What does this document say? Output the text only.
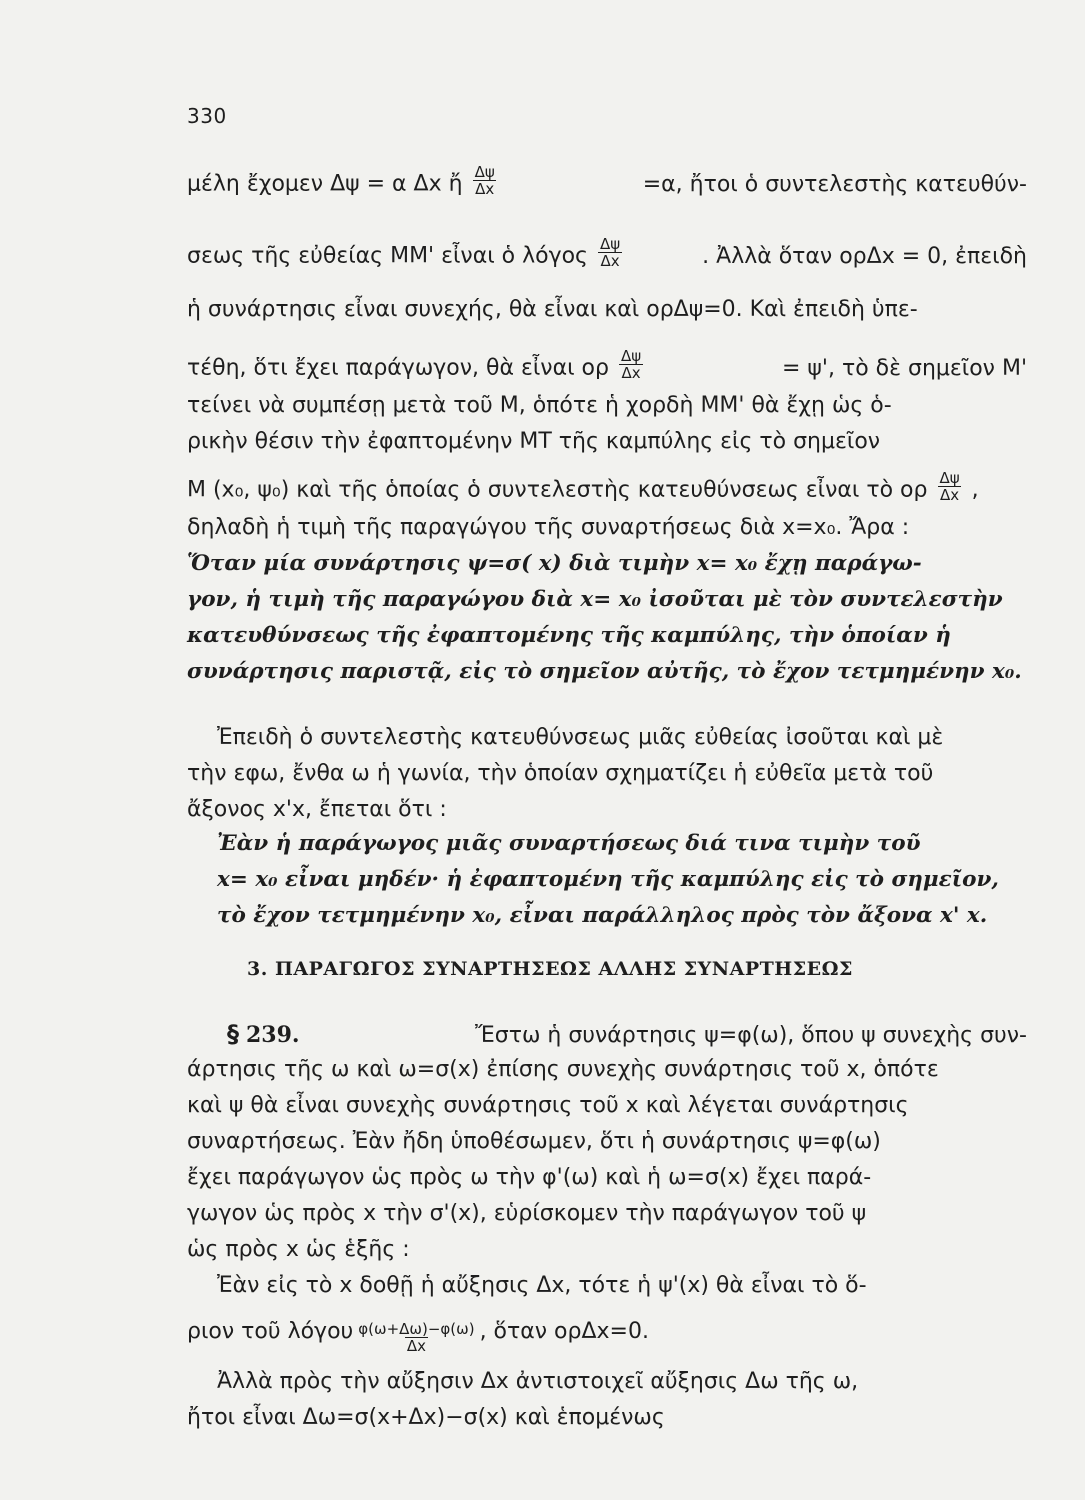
330
μέλη ἔχομεν Δψ = α Δx ἤ $\frac{\Delta\psi}{\Delta x}$	=α, ἤτοι ὁ συντελεστὴς κατευθύν-
σεως τῆς εὐθείας ΜΜ' εἶναι ὁ λόγος $\frac{\Delta\psi}{\Delta x}$	. Ἀλλὰ ὅταν ορΔx = 0, ἐπειδὴ
ἡ συνάρτησις εἶναι συνεχής, θὰ εἶναι καὶ ορΔψ=0. Καὶ ἐπειδὴ ὑπε-
τέθη, ὅτι ἔχει παράγωγον, θὰ εἶναι ορ $\frac{\Delta\psi}{\Delta x}$	= ψ', τὸ δὲ σημεῖον Μ'
τείνει νὰ συμπέσῃ μετὰ τοῦ Μ, ὁπότε ἡ χορδὴ ΜΜ' θὰ ἔχῃ ὡς ὁ-
ρικὴν θέσιν τὴν ἐφαπτομένην ΜΤ τῆς καμπύλης εἰς τὸ σημεῖον
Μ (x₀, ψ₀) καὶ τῆς ὁποίας ὁ συντελεστὴς κατευθύνσεως εἶναι τὸ ορ $\frac{\Delta\psi}{\Delta x}$ ,
δηλαδὴ ἡ τιμὴ τῆς παραγώγου τῆς συναρτήσεως διὰ x=x₀. Ἄρα :
Ὅταν μία συνάρτησις ψ=σ( x) διὰ τιμὴν x= x₀ ἔχῃ παράγω-
γον, ἡ τιμὴ τῆς παραγώγου διὰ x= x₀ ἰσοῦται μὲ τὸν συντελεστὴν
κατευθύνσεως τῆς ἐφαπτομένης τῆς καμπύλης, τὴν ὁποίαν ἡ
συνάρτησις παριστᾷ, εἰς τὸ σημεῖον αὐτῆς, τὸ ἔχον τετμημένην x₀.
Ἐπειδὴ ὁ συντελεστὴς κατευθύνσεως μιᾶς εὐθείας ἰσοῦται καὶ μὲ
τὴν εφω, ἔνθα ω ἡ γωνία, τὴν ὁποίαν σχηματίζει ἡ εὐθεῖα μετὰ τοῦ
ἄξονος x'x, ἔπεται ὅτι :
Ἐὰν ἡ παράγωγος μιᾶς συναρτήσεως διά τινα τιμὴν τοῦ
x= x₀ εἶναι μηδέν· ἡ ἐφαπτομένη τῆς καμπύλης εἰς τὸ σημεῖον,
τὸ ἔχον τετμημένην x₀, εἶναι παράλληλος πρὸς τὸν ἄξονα x' x.
§ 239.	Ἔστω ἡ συνάρτησις ψ=φ(ω), ὅπου ψ συνεχὴς συν-
άρτησις τῆς ω καὶ ω=σ(x) ἐπίσης συνεχὴς συνάρτησις τοῦ x, ὁπότε
καὶ ψ θὰ εἶναι συνεχὴς συνάρτησις τοῦ x καὶ λέγεται συνάρτησις
συναρτήσεως. Ἐὰν ἤδη ὑποθέσωμεν, ὅτι ἡ συνάρτησις ψ=φ(ω)
ἔχει παράγωγον ὡς πρὸς ω τὴν φ'(ω) καὶ ἡ ω=σ(x) ἔχει παρά-
γωγον ὡς πρὸς x τὴν σ'(x), εὑρίσκομεν τὴν παράγωγον τοῦ ψ
ὡς πρὸς x ὡς ἑξῆς :
Ἐὰν εἰς τὸ x δοθῇ ἡ αὔξησις Δx, τότε ἡ ψ'(x) θὰ εἶναι τὸ ὅ-
ριον τοῦ λόγου $\frac{\varphi(\omega+\Delta\omega)-\varphi(\omega)}{\Delta x}$ , ὅταν ορΔx=0.
Ἀλλὰ πρὸς τὴν αὔξησιν Δx ἀντιστοιχεῖ αὔξησις Δω τῆς ω,
ἤτοι εἶναι Δω=σ(x+Δx)−σ(x) καὶ ἑπομένως
3. ΠΑΡΑΓΩΓΟΣ ΣΥΝΑΡΤΗΣΕΩΣ ΑΛΛΗΣ ΣΥΝΑΡΤΗΣΕΩΣ
